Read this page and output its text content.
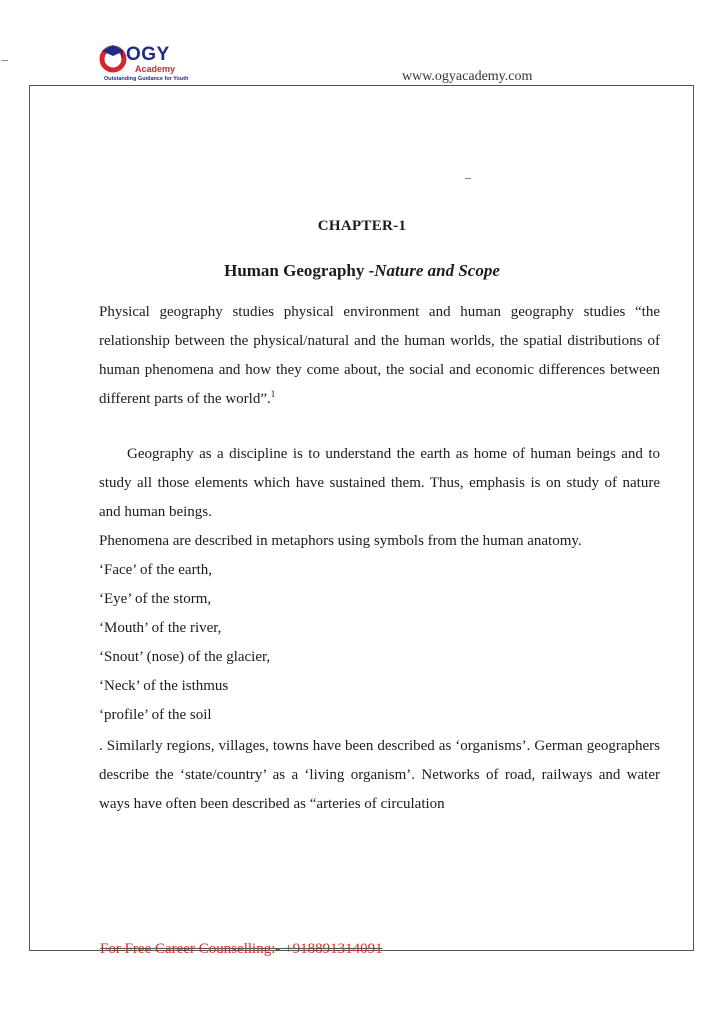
–	OGY
Academy
Outstanding Guidance for Youth	www.ogyacademy.com
–
CHAPTER-1
Human Geography -Nature and Scope

Physical geography studies physical environment and human geography studies “the relationship between the physical/natural and the human worlds, the spatial distributions of human phenomena and how they come about, the social and economic differences between different parts of the world”.$^1$

Geography as a discipline is to understand the earth as home of human beings and to study all those elements which have sustained them. Thus, emphasis is on study of nature and human beings.

Phenomena are described in metaphors using symbols from the human anatomy.

‘Face’ of the earth,

‘Eye’ of the storm,

‘Mouth’ of the river,

‘Snout’ (nose) of the glacier,

‘Neck’ of the isthmus

‘profile’ of the soil

. Similarly regions, villages, towns have been described as ‘organisms’. German geographers describe the ‘state/country’ as a ‘living organism’. Networks of road, railways and water ways have often been described as “arteries of circulation

For Free Career Counselling:- +918891314091
